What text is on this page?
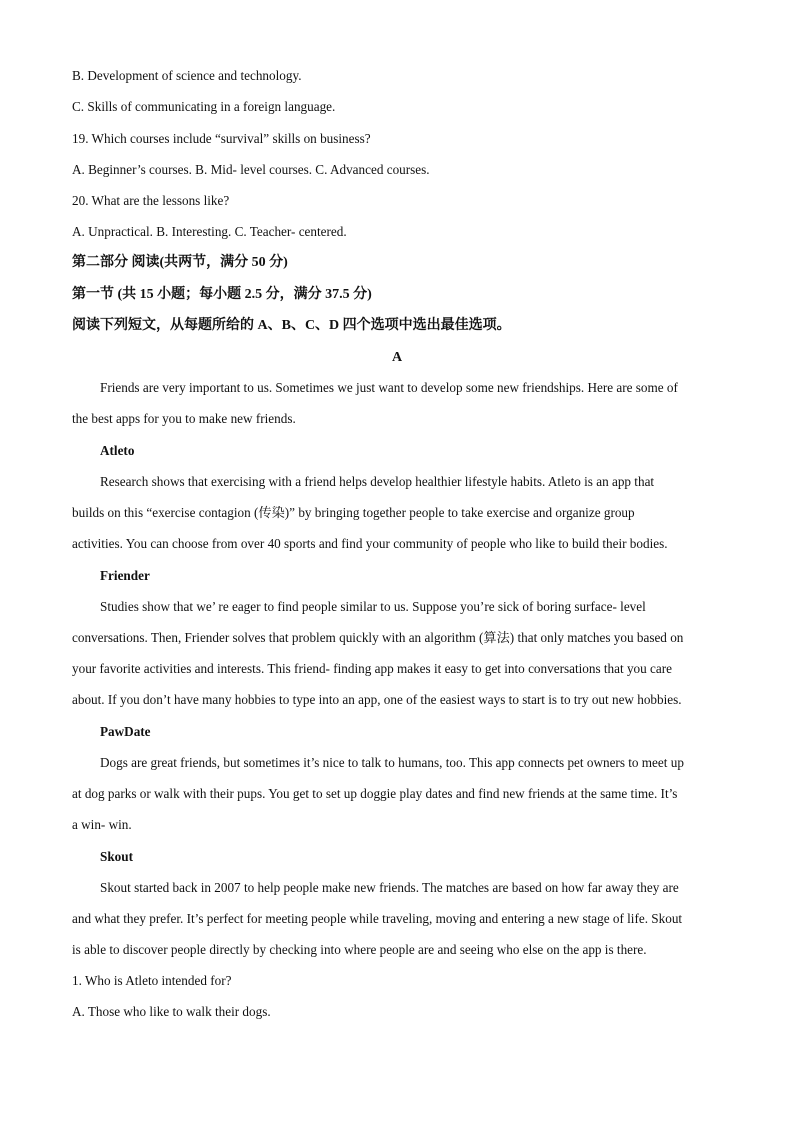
B. Development of science and technology.
C. Skills of communicating in a foreign language.
19. Which courses include “survival” skills on business?
A. Beginner’s courses. B. Mid- level courses. C. Advanced courses.
20. What are the lessons like?
A. Unpractical. B. Interesting. C. Teacher- centered.
第二部分 阅读(共两节，满分 50 分)
第一节 (共 15 小题；每小题 2.5 分，满分 37.5 分)
阅读下列短文，从每题所给的 A、B、C、D 四个选项中选出最佳选项。
A
Friends are very important to us. Sometimes we just want to develop some new friendships. Here are some of
the best apps for you to make new friends.
Atleto
Research shows that exercising with a friend helps develop healthier lifestyle habits. Atleto is an app that
builds on this “exercise contagion (传染)” by bringing together people to take exercise and organize group
activities. You can choose from over 40 sports and find your community of people who like to build their bodies.
Friender
Studies show that we’ re eager to find people similar to us. Suppose you’re sick of boring surface- level
conversations. Then, Friender solves that problem quickly with an algorithm (算法) that only matches you based on
your favorite activities and interests. This friend- finding app makes it easy to get into conversations that you care
about. If you don’t have many hobbies to type into an app, one of the easiest ways to start is to try out new hobbies.
PawDate
Dogs are great friends, but sometimes it’s nice to talk to humans, too. This app connects pet owners to meet up
at dog parks or walk with their pups. You get to set up doggie play dates and find new friends at the same time. It’s
a win- win.
Skout
Skout started back in 2007 to help people make new friends. The matches are based on how far away they are
and what they prefer. It’s perfect for meeting people while traveling, moving and entering a new stage of life. Skout
is able to discover people directly by checking into where people are and seeing who else on the app is there.
1. Who is Atleto intended for?
A. Those who like to walk their dogs.
